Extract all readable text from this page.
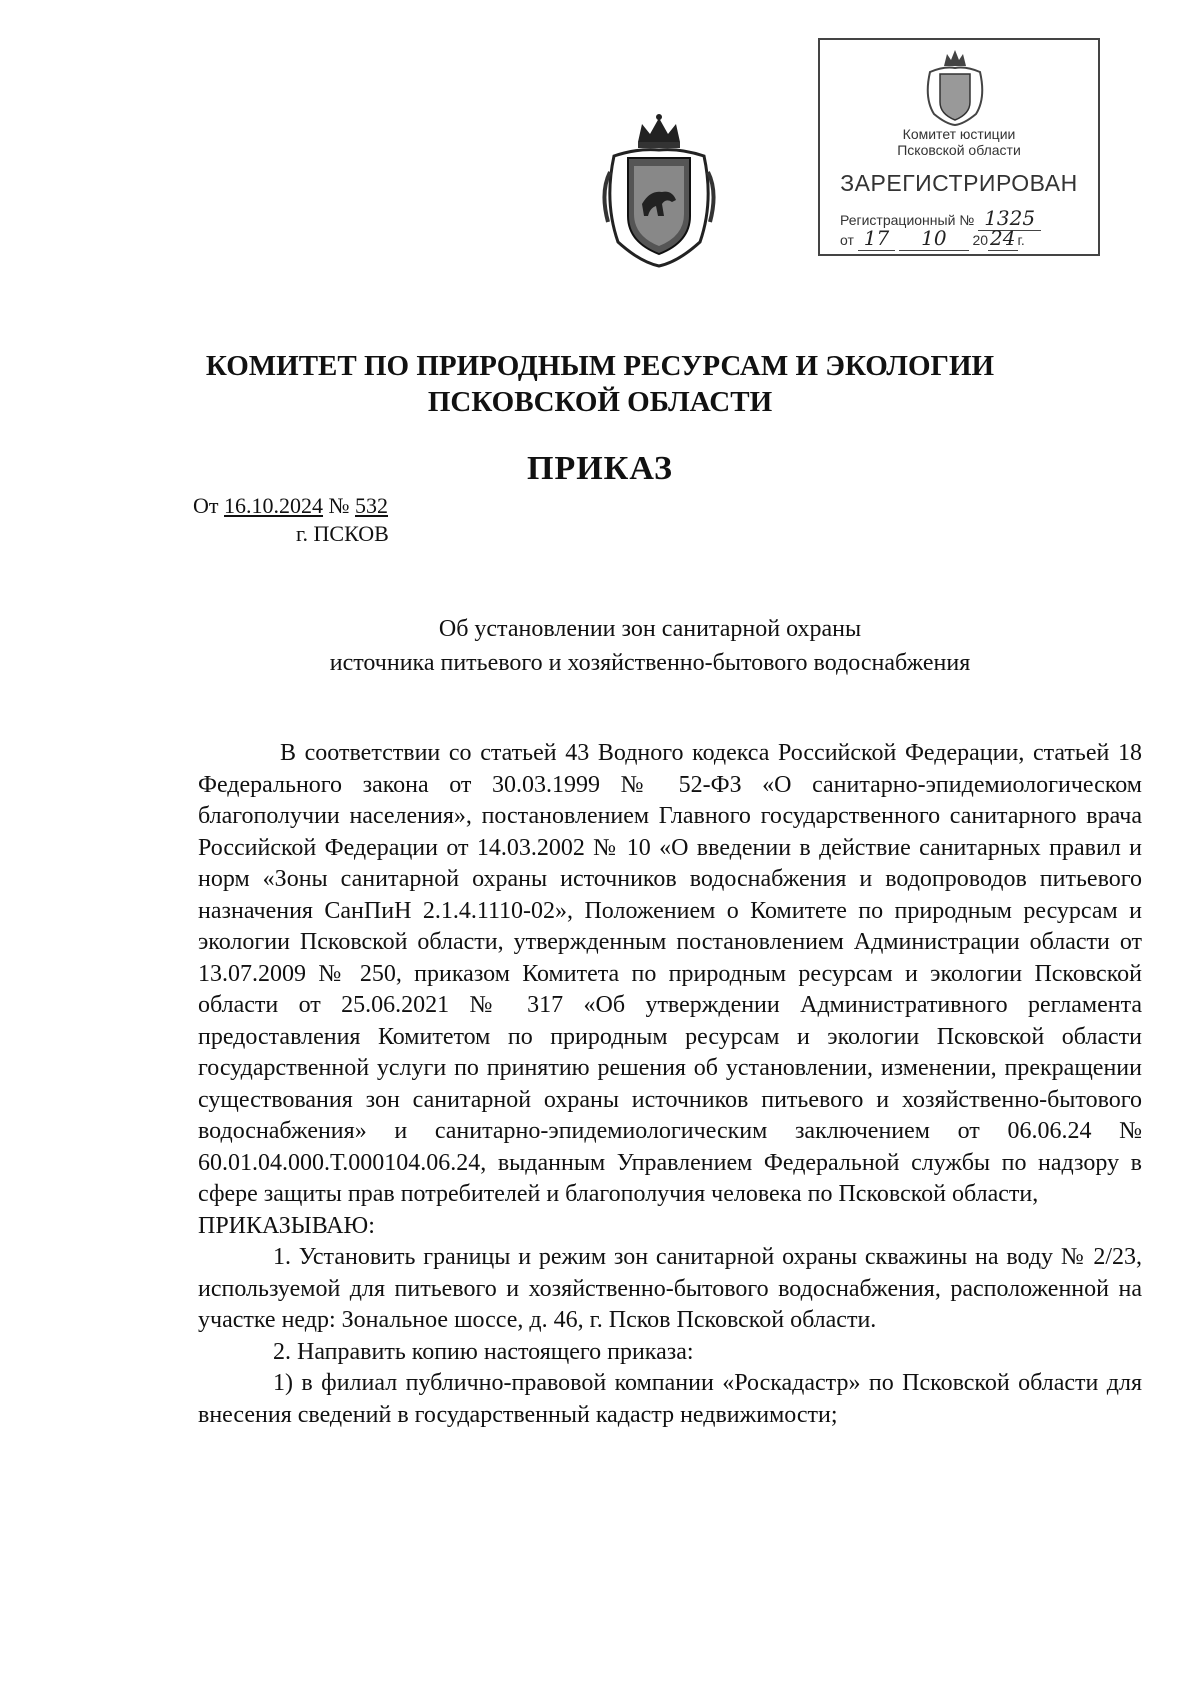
Комитет юстиции
Псковской области
ЗАРЕГИСТРИРОВАН
Регистрационный № 1325
от 17 10 20 24 г.
КОМИТЕТ ПО ПРИРОДНЫМ РЕСУРСАМ И ЭКОЛОГИИ
ПСКОВСКОЙ ОБЛАСТИ
ПРИКАЗ
От 16.10.2024 № 532
г. ПСКОВ
Об установлении зон санитарной охраны
источника питьевого и хозяйственно-бытового водоснабжения

В соответствии со статьей 43 Водного кодекса Российской Федерации, статьей 18 Федерального закона от 30.03.1999 № 52-ФЗ «О санитарно-эпидемиологическом благополучии населения», постановлением Главного государственного санитарного врача Российской Федерации от 14.03.2002 № 10 «О введении в действие санитарных правил и норм «Зоны санитарной охраны источников водоснабжения и водопроводов питьевого назначения СанПиН 2.1.4.1110-02», Положением о Комитете по природным ресурсам и экологии Псковской области, утвержденным постановлением Администрации области от 13.07.2009 № 250, приказом Комитета по природным ресурсам и экологии Псковской области от 25.06.2021 № 317 «Об утверждении Административного регламента предоставления Комитетом по природным ресурсам и экологии Псковской области государственной услуги по принятию решения об установлении, изменении, прекращении существования зон санитарной охраны источников питьевого и хозяйственно-бытового водоснабжения» и санитарно-эпидемиологическим заключением от 06.06.24 № 60.01.04.000.Т.000104.06.24, выданным Управлением Федеральной службы по надзору в сфере защиты прав потребителей и благополучия человека по Псковской области,

ПРИКАЗЫВАЮ:

1. Установить границы и режим зон санитарной охраны скважины на воду № 2/23, используемой для питьевого и хозяйственно-бытового водоснабжения, расположенной на участке недр: Зональное шоссе, д. 46, г. Псков Псковской области.

2. Направить копию настоящего приказа:

1) в филиал публично-правовой компании «Роскадастр» по Псковской области для внесения сведений в государственный кадастр недвижимости;
